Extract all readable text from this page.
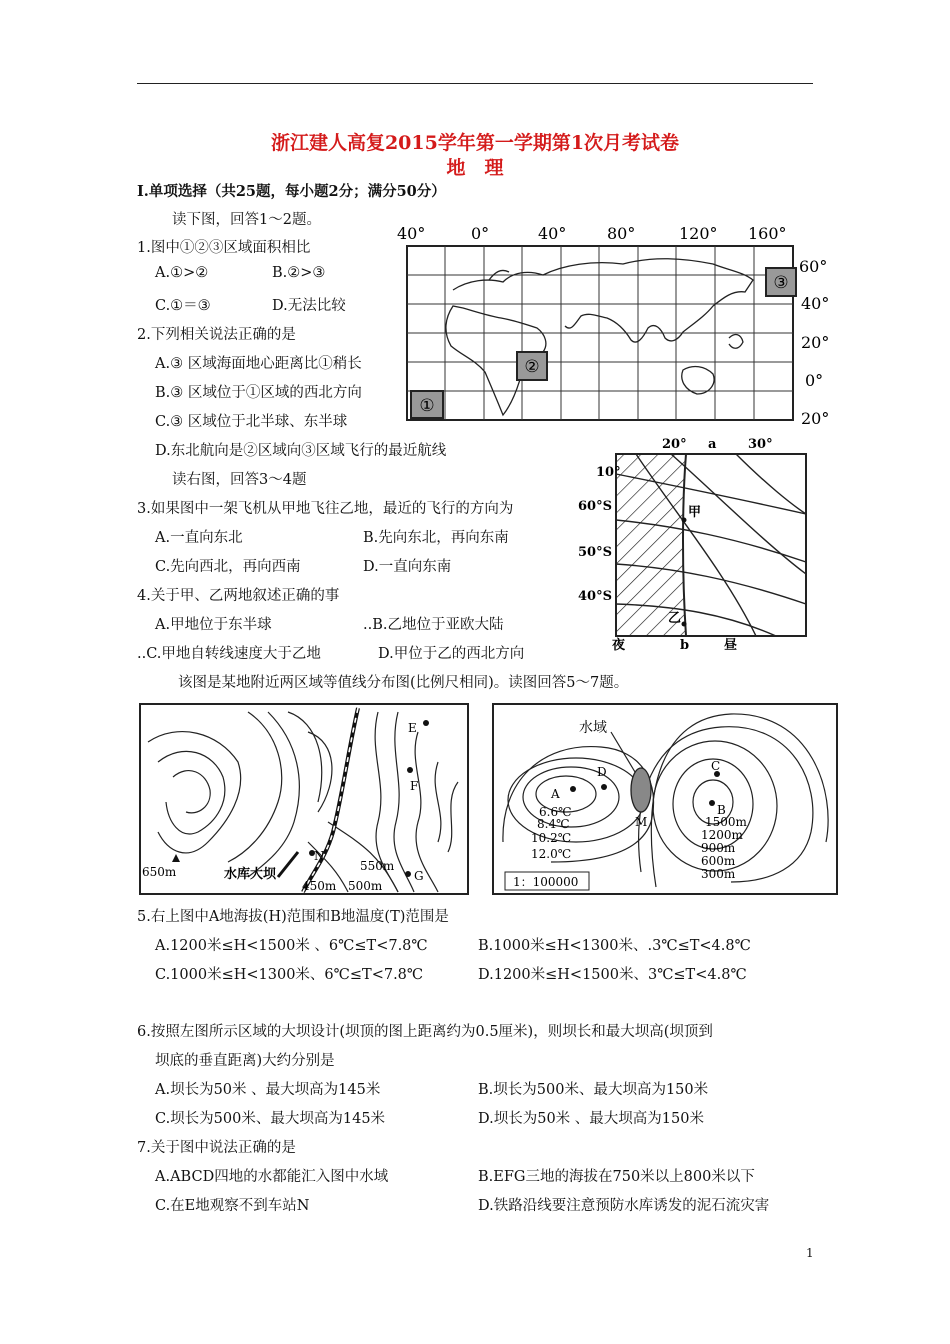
浙江建人高复2015学年第一学期第1次月考试卷
地　理
I.单项选择（共25题，每小题2分；满分50分）
读下图，回答1～2题。
1.图中①②③区域面积相比
A.①>②	B.②>③
C.①＝③	D.无法比较
2.下列相关说法正确的是
A.③ 区域海面地心距离比①稍长
B.③ 区域位于①区域的西北方向
C.③ 区域位于北半球、东半球
D.东北航向是②区域向③区域飞行的最近航线
①
②
③
40°	0°	40°	80°	120° 160°
60°
40°
20°
0°
20°
读右图，回答3～4题
3.如果图中一架飞机从甲地飞往乙地，最近的飞行的方向为
A.一直向东北	B.先向东北，再向东南
C.先向西北，再向西南	D.一直向东南
4.关于甲、乙两地叙述正确的事
A.甲地位于东半球	..B.乙地位于亚欧大陆
..C.甲地自转线速度大于乙地	D.甲位于乙的西北方向
20° a 30°
10°
60°S
50°S
40°S
甲
乙
夜	b	昼
该图是某地附近两区域等值线分布图(比例尺相同)。读图回答5～7题。
E
F
G
N
650m	水库大坝
550m
450m 500m
水域
A
D
M
C
B
6.6℃
8.4℃
10.2℃
12.0℃
1500m
1200m
900m
600m
300m
1：100000
5.右上图中A地海拔(H)范围和B地温度(T)范围是
A.1200米≤H<1500米 、6℃≤T<7.8℃	B.1000米≤H<1300米、.3℃≤T<4.8℃
C.1000米≤H<1300米、6℃≤T<7.8℃	D.1200米≤H<1500米、3℃≤T<4.8℃
6.按照左图所示区域的大坝设计(坝顶的图上距离约为0.5厘米)，则坝长和最大坝高(坝顶到
坝底的垂直距离)大约分别是
A.坝长为50米 、最大坝高为145米	B.坝长为500米、最大坝高为150米
C.坝长为500米、最大坝高为145米	D.坝长为50米 、最大坝高为150米
7.关于图中说法正确的是
A.ABCD四地的水都能汇入图中水域	B.EFG三地的海拔在750米以上800米以下
C.在E地观察不到车站N	D.铁路沿线要注意预防水库诱发的泥石流灾害
1
